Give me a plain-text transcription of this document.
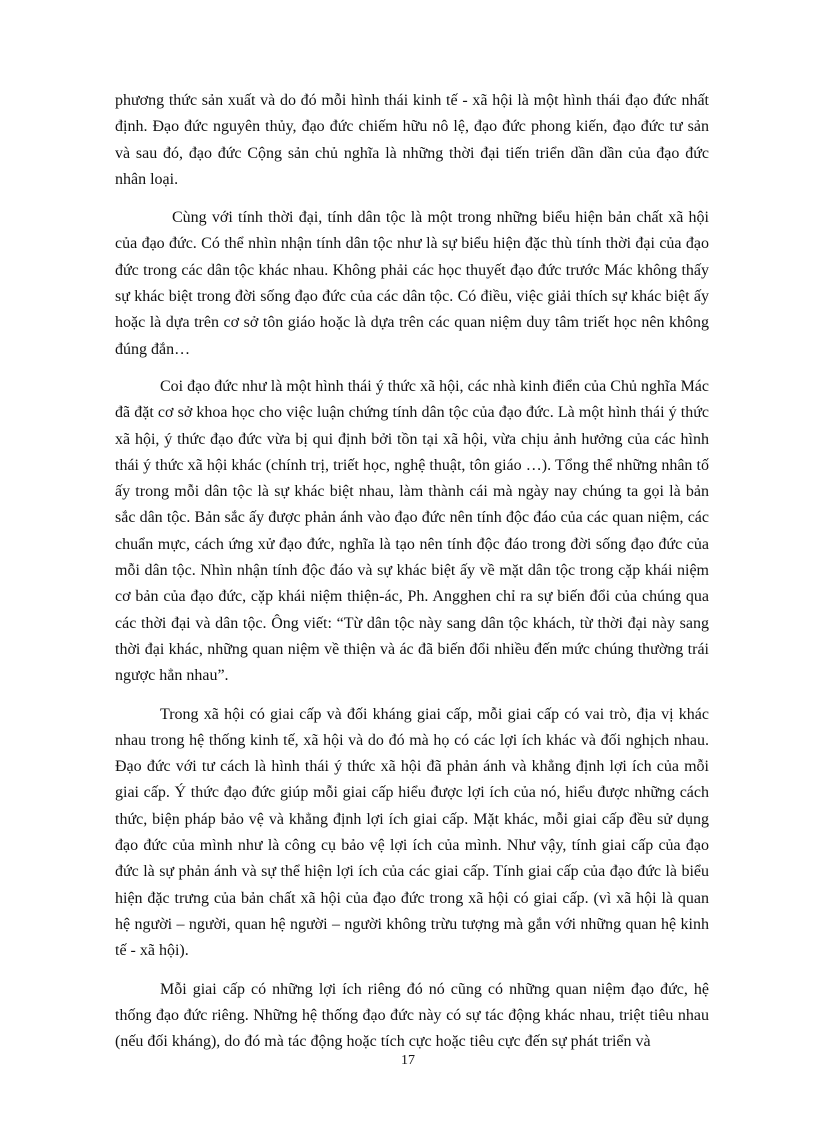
phương thức sản xuất và do đó mỗi hình thái kinh tế - xã hội là một hình thái đạo đức nhất định. Đạo đức nguyên thủy, đạo đức chiếm hữu nô lệ, đạo đức phong kiến, đạo đức tư sản và sau đó, đạo đức Cộng sản chủ nghĩa là những thời đại tiến triển dần dần của đạo đức nhân loại.

Cùng với tính thời đại, tính dân tộc là một trong những biểu hiện bản chất xã hội của đạo đức. Có thể nhìn nhận tính dân tộc như là sự biểu hiện đặc thù tính thời đại của đạo đức trong các dân tộc khác nhau. Không phải các học thuyết đạo đức trước Mác không thấy sự khác biệt trong đời sống đạo đức của các dân tộc. Có điều, việc giải thích sự khác biệt ấy hoặc là dựa trên cơ sở tôn giáo hoặc là dựa trên các quan niệm duy tâm triết học nên không đúng đắn…

Coi đạo đức như là một hình thái ý thức xã hội, các nhà kinh điển của Chủ nghĩa Mác đã đặt cơ sở khoa học cho việc luận chứng tính dân tộc của đạo đức. Là một hình thái ý thức xã hội, ý thức đạo đức vừa bị qui định bởi tồn tại xã hội, vừa chịu ảnh hưởng của các hình thái ý thức xã hội khác (chính trị, triết học, nghệ thuật, tôn giáo …). Tổng thể những nhân tố ấy trong mỗi dân tộc là sự khác biệt nhau, làm thành cái mà ngày nay chúng ta gọi là bản sắc dân tộc. Bản sắc ấy được phản ánh vào đạo đức nên tính độc đáo của các quan niệm, các chuẩn mực, cách ứng xử đạo đức, nghĩa là tạo nên tính độc đáo trong đời sống đạo đức của mỗi dân tộc. Nhìn nhận tính độc đáo và sự khác biệt ấy về mặt dân tộc trong cặp khái niệm cơ bản của đạo đức, cặp khái niệm thiện-ác, Ph. Angghen chỉ ra sự biến đổi của chúng qua các thời đại và dân tộc. Ông viết: “Từ dân tộc này sang dân tộc khách, từ thời đại này sang thời đại khác, những quan niệm về thiện và ác đã biến đổi nhiều đến mức chúng thường trái ngược hẳn nhau”.

Trong xã hội có giai cấp và đối kháng giai cấp, mỗi giai cấp có vai trò, địa vị khác nhau trong hệ thống kinh tế, xã hội và do đó mà họ có các lợi ích khác và đối nghịch nhau. Đạo đức với tư cách là hình thái ý thức xã hội đã phản ánh và khẳng định lợi ích của mỗi giai cấp. Ý thức đạo đức giúp mỗi giai cấp hiểu được lợi ích của nó, hiểu được những cách thức, biện pháp bảo vệ và khẳng định lợi ích giai cấp. Mặt khác, mỗi giai cấp đều sử dụng đạo đức của mình như là công cụ bảo vệ lợi ích của mình. Như vậy, tính giai cấp của đạo đức là sự phản ánh và sự thể hiện lợi ích của các giai cấp. Tính giai cấp của đạo đức là biểu hiện đặc trưng của bản chất xã hội của đạo đức trong xã hội có giai cấp. (vì xã hội là quan hệ người – người, quan hệ người – người không trừu tượng mà gắn với những quan hệ kinh tế - xã hội).

Mỗi giai cấp có những lợi ích riêng đó nó cũng có những quan niệm đạo đức, hệ thống đạo đức riêng. Những hệ thống đạo đức này có sự tác động khác nhau, triệt tiêu nhau (nếu đối kháng), do đó mà tác động hoặc tích cực hoặc tiêu cực đến sự phát triển và

17
